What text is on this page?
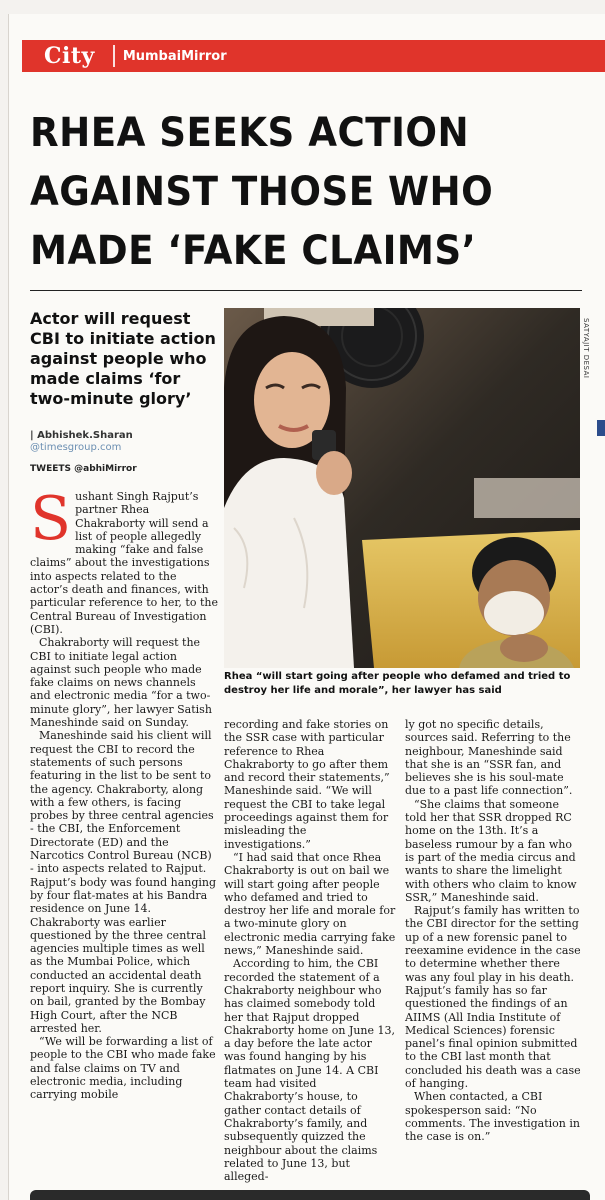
City	MumbaiMirror
RHEA SEEKS ACTION
AGAINST THOSE WHO
MADE ‘FAKE CLAIMS’

Actor will request CBI to initiate action against people who made claims ‘for two-minute glory’

| Abhishek.Sharan
@timesgroup.com
TWEETS @abhiMirror
SATYAJIT DESAI

Rhea “will start going after people who defamed and tried to destroy her life and morale”, her lawyer has said

S ushant Singh Rajput’s partner Rhea Chakraborty will send a list of people allegedly making “fake and false claims” about the investigations into aspects related to the actor’s death and finances, with particular reference to her, to the Central Bureau of Investigation (CBI).

Chakraborty will request the CBI to initiate legal action against such people who made fake claims on news channels and electronic media “for a two-minute glory”, her lawyer Satish Maneshinde said on Sunday.

Maneshinde said his client will request the CBI to record the statements of such persons featuring in the list to be sent to the agency. Chakraborty, along with a few others, is facing probes by three central agencies - the CBI, the Enforcement Directorate (ED) and the Narcotics Control Bureau (NCB) - into aspects related to Rajput. Rajput’s body was found hanging by four flat-mates at his Bandra residence on June 14. Chakraborty was earlier questioned by the three central agencies multiple times as well as the Mumbai Police, which conducted an accidental death report inquiry. She is currently on bail, granted by the Bombay High Court, after the NCB arrested her.

“We will be forwarding a list of people to the CBI who made fake and false claims on TV and electronic media, including carrying mobile

recording and fake stories on the SSR case with particular reference to Rhea Chakraborty to go after them and record their statements,” Maneshinde said. “We will request the CBI to take legal proceedings against them for misleading the investigations.”

“I had said that once Rhea Chakraborty is out on bail we will start going after people who defamed and tried to destroy her life and morale for a two-minute glory on electronic media carrying fake news,” Maneshinde said.

According to him, the CBI recorded the statement of a Chakraborty neighbour who has claimed somebody told her that Rajput dropped Chakraborty home on June 13, a day before the late actor was found hanging by his flatmates on June 14. A CBI team had visited Chakraborty’s house, to gather contact details of Chakraborty’s family, and subsequently quizzed the neighbour about the claims related to June 13, but alleged-

ly got no specific details, sources said. Referring to the neighbour, Maneshinde said that she is an “SSR fan, and believes she is his soul-mate due to a past life connection”.

“She claims that someone told her that SSR dropped RC home on the 13th. It’s a baseless rumour by a fan who is part of the media circus and wants to share the limelight with others who claim to know SSR,” Maneshinde said.

Rajput’s family has written to the CBI director for the setting up of a new forensic panel to reexamine evidence in the case to determine whether there was any foul play in his death. Rajput’s family has so far questioned the findings of an AIIMS (All India Institute of Medical Sciences) forensic panel’s final opinion submitted to the CBI last month that concluded his death was a case of hanging.

When contacted, a CBI spokesperson said: “No comments. The investigation in the case is on.”
